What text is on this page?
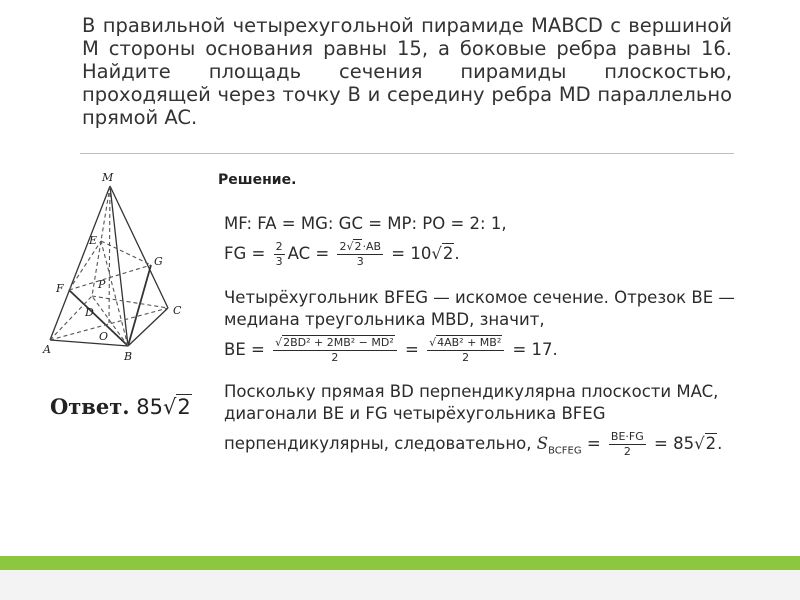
В правильной четырехугольной пирамиде MABCD с вершиной M стороны основания равны 15, а боковые ребра равны 16. Найдите площадь сечения пирамиды плоскостью, проходящей через точку B и середину ребра MD параллельно прямой AC.

M
E
G
F	P
D	C
O
A
B
Решение.
MF: FA = MG: GC = MP: PO = 2: 1,
FG = $\frac{2}{3}$ AC = $\frac{2√2\cdot AB}{3} = 10√2$.
Четырёхугольник BFEG — искомое сечение. Отрезок BE —
медиана треугольника MBD, значит,
BE = $\frac{\text{√2BD² + 2MB² − MD²}}{2} = \frac{\text{√4AB² + MB²}}{2} = 17$.
Поскольку прямая BD перпендикулярна плоскости MAC,
диагонали BE и FG четырёхугольника BFEG
перпендикулярны, следовательно, $S_{BCFEG} = \frac{BE\cdot FG}{2} = 85√2$.
Ответ. 85√2
